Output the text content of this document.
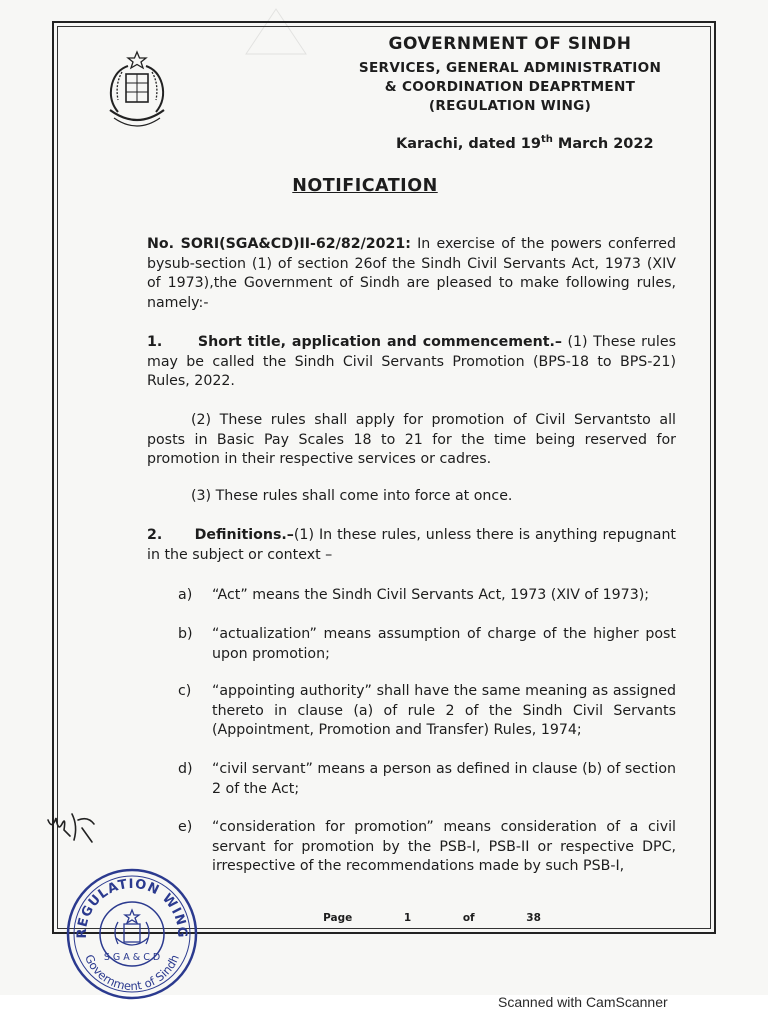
GOVERNMENT OF SINDH
SERVICES, GENERAL ADMINISTRATION
& COORDINATION DEAPRTMENT
(REGULATION WING)
Karachi, dated 19th March 2022
NOTIFICATION
No. SORI(SGA&CD)II-62/82/2021: In exercise of the powers conferred bysub-section (1) of section 26of the Sindh Civil Servants Act, 1973 (XIV of 1973),the Government of Sindh are pleased to make following rules, namely:-
1.      Short title, application and commencement.– (1) These rules may be called the Sindh Civil Servants Promotion (BPS-18 to BPS-21) Rules, 2022.
(2) These rules shall apply for promotion of Civil Servantsto all posts in Basic Pay Scales 18 to 21 for the time being reserved for promotion in their respective services or cadres.
(3) These rules shall come into force at once.
2.      Definitions.–(1) In these rules, unless there is anything repugnant in the subject or context –
a) “Act” means the Sindh Civil Servants Act, 1973 (XIV of 1973);
b) “actualization” means assumption of charge of the higher post upon promotion;
c) “appointing authority” shall have the same meaning as assigned thereto in clause (a) of rule 2 of the Sindh Civil Servants (Appointment, Promotion and Transfer) Rules, 1974;
d) “civil servant” means a person as defined in clause (b) of section 2 of the Act;
e) “consideration for promotion” means consideration of a civil servant for promotion by the PSB-I, PSB-II or respective DPC, irrespective of the recommendations made by such PSB-I,
Page	1	of	38
REGULATION WING
Government of Sindh
S G A & C D
Scanned with CamScanner
